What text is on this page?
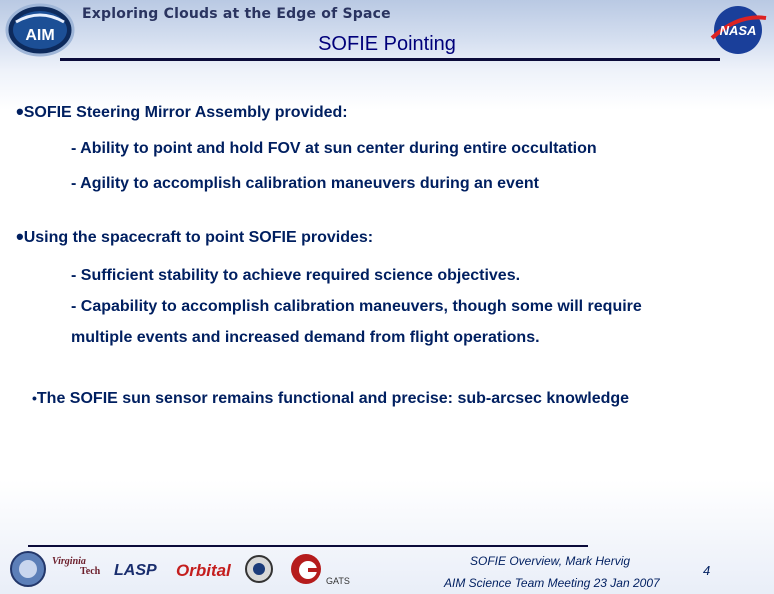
AIM
Exploring Clouds at the Edge of Space
NASA
SOFIE Pointing
•SOFIE Steering Mirror Assembly provided:
- Ability to point and hold FOV at sun center during entire occultation
- Agility to accomplish calibration maneuvers during an event
•Using the spacecraft to point SOFIE provides:
- Sufficient stability to achieve required science objectives.
- Capability to accomplish calibration maneuvers, though some will require
multiple events and increased demand from flight operations.
•The SOFIE sun sensor remains functional and precise: sub-arcsec knowledge
Virginia
Tech LASP Orbital
GATS
SOFIE Overview, Mark Hervig
AIM Science Team Meeting 23 Jan 2007
4
